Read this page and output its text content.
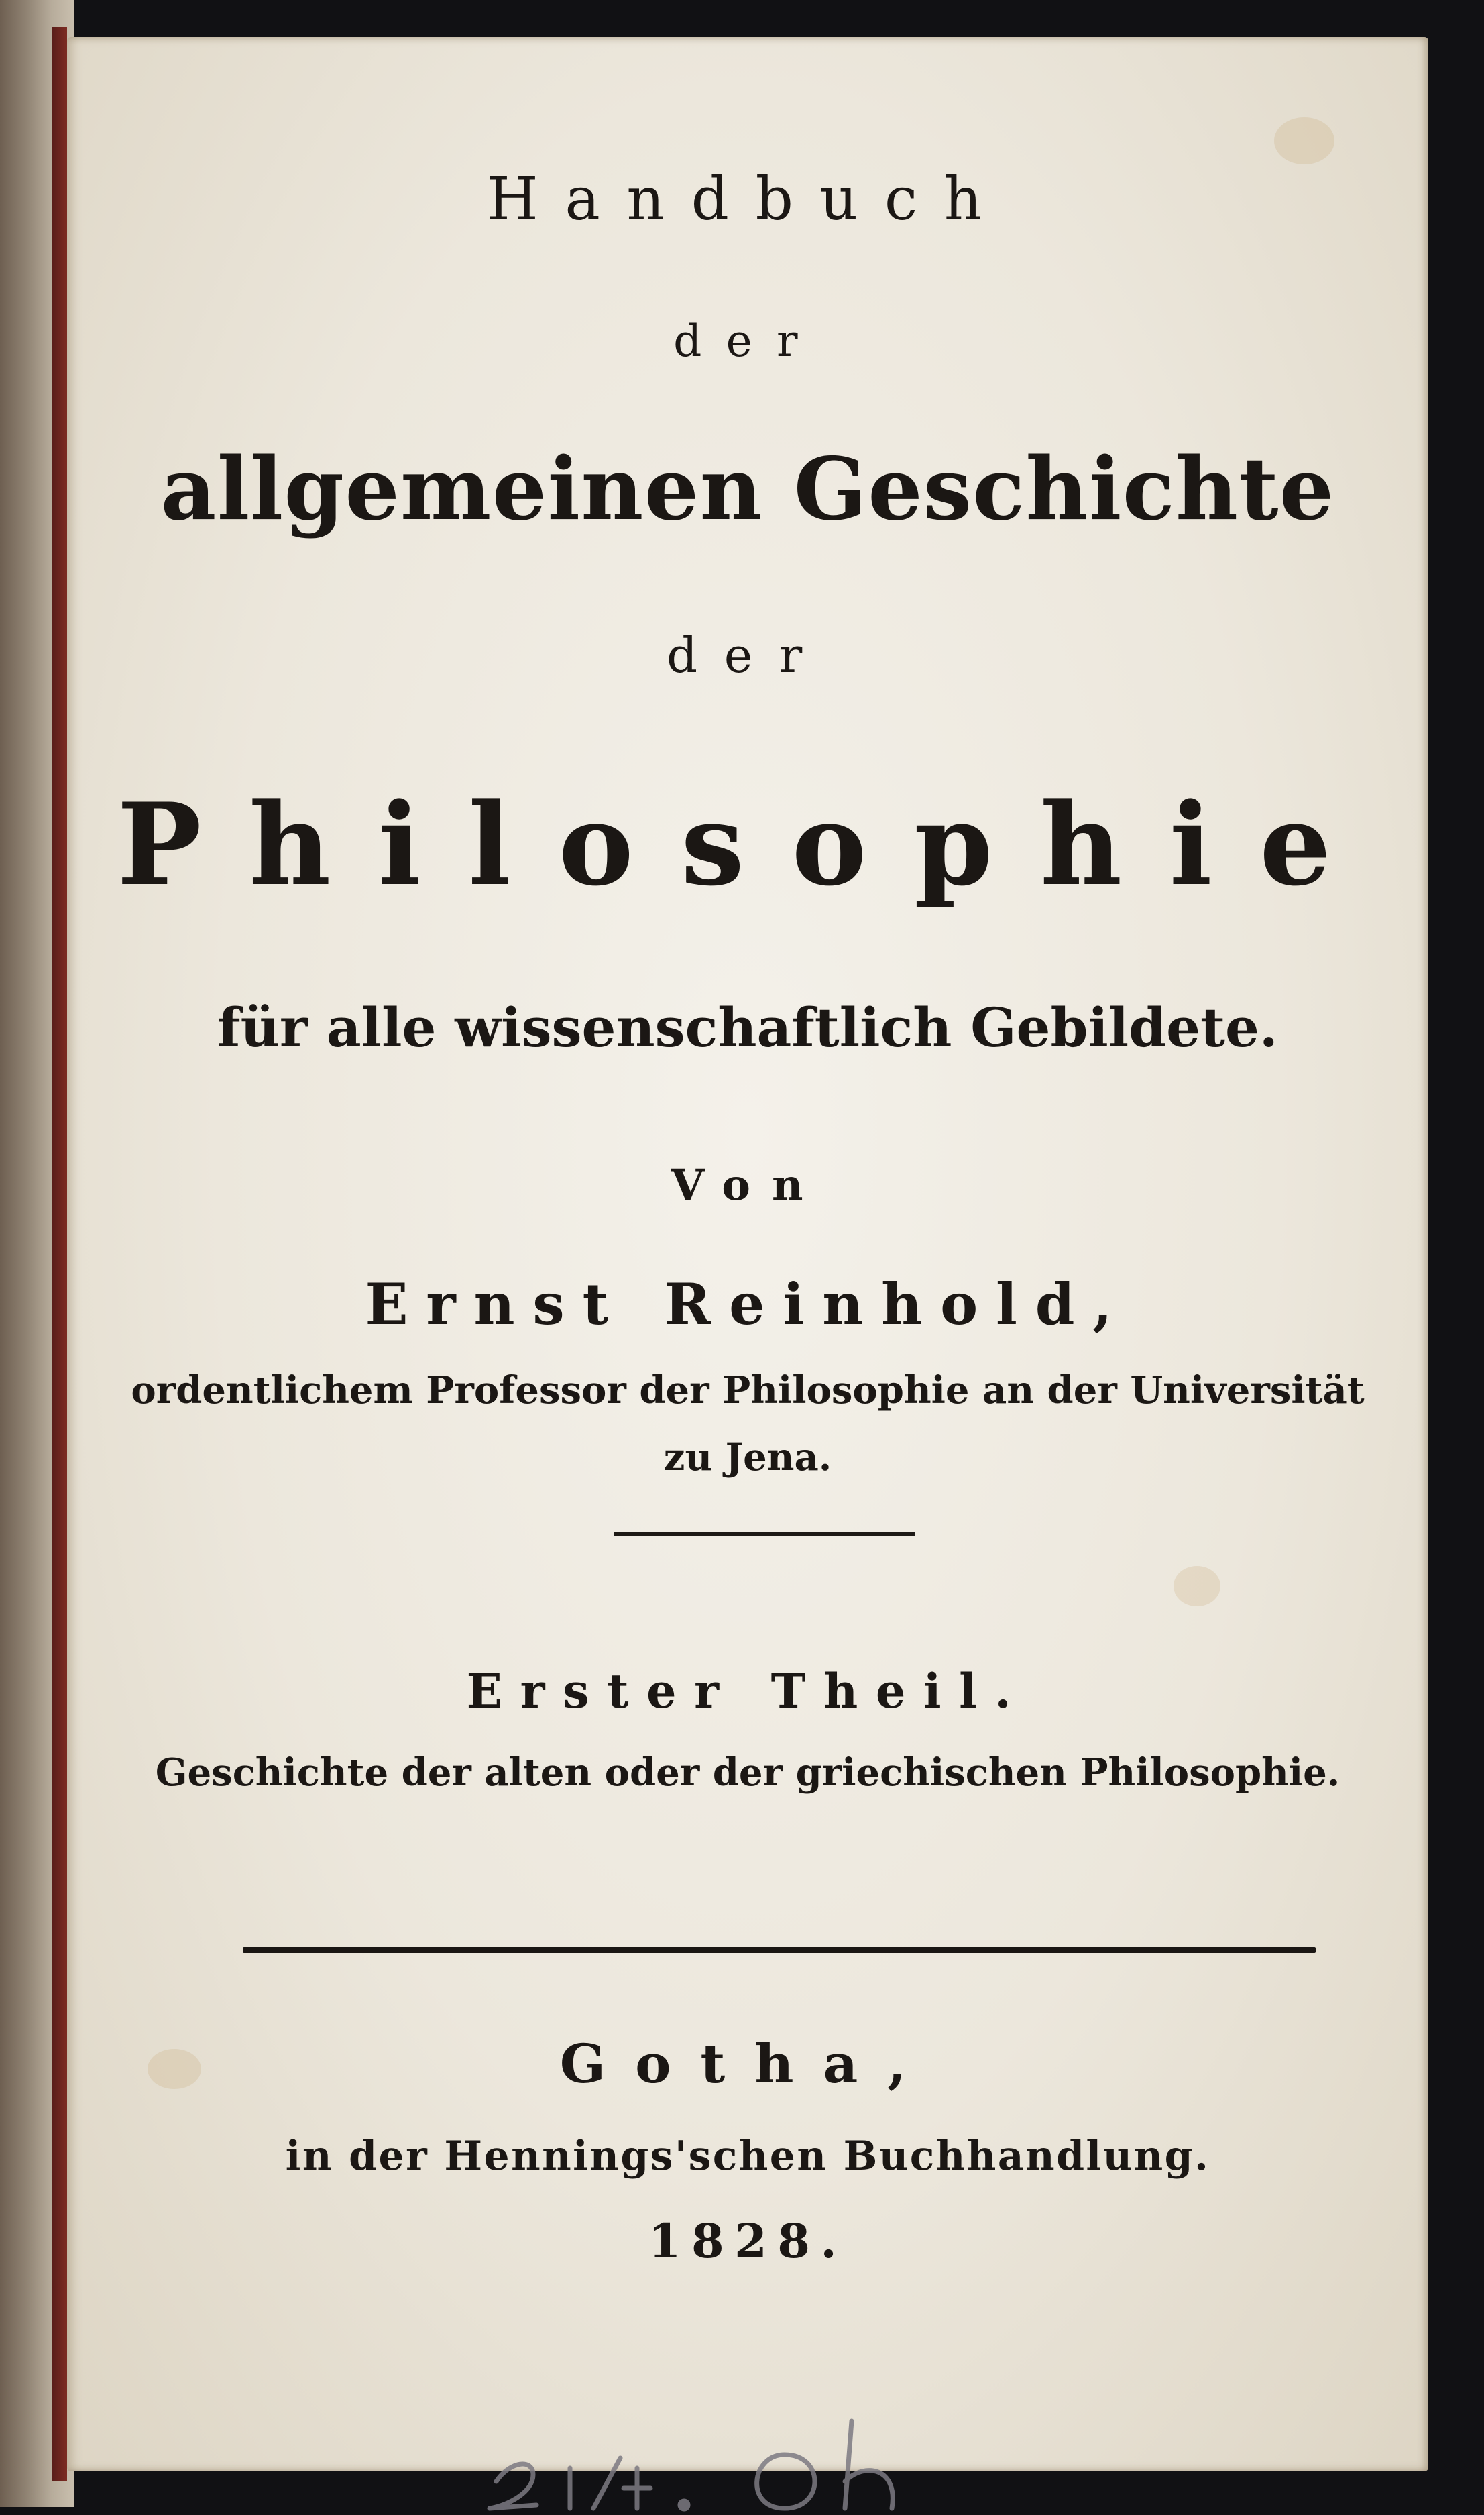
Handbuch
der
allgemeinen Geschichte
der
Philosophie
für alle wissenschaftlich Gebildete.
Von
Ernst Reinhold,
ordentlichem Professor der Philosophie an der Universität
zu Jena.
Erster Theil.
Geschichte der alten oder der griechischen Philosophie.
Gotha,
in der Hennings'schen Buchhandlung.
1828.
